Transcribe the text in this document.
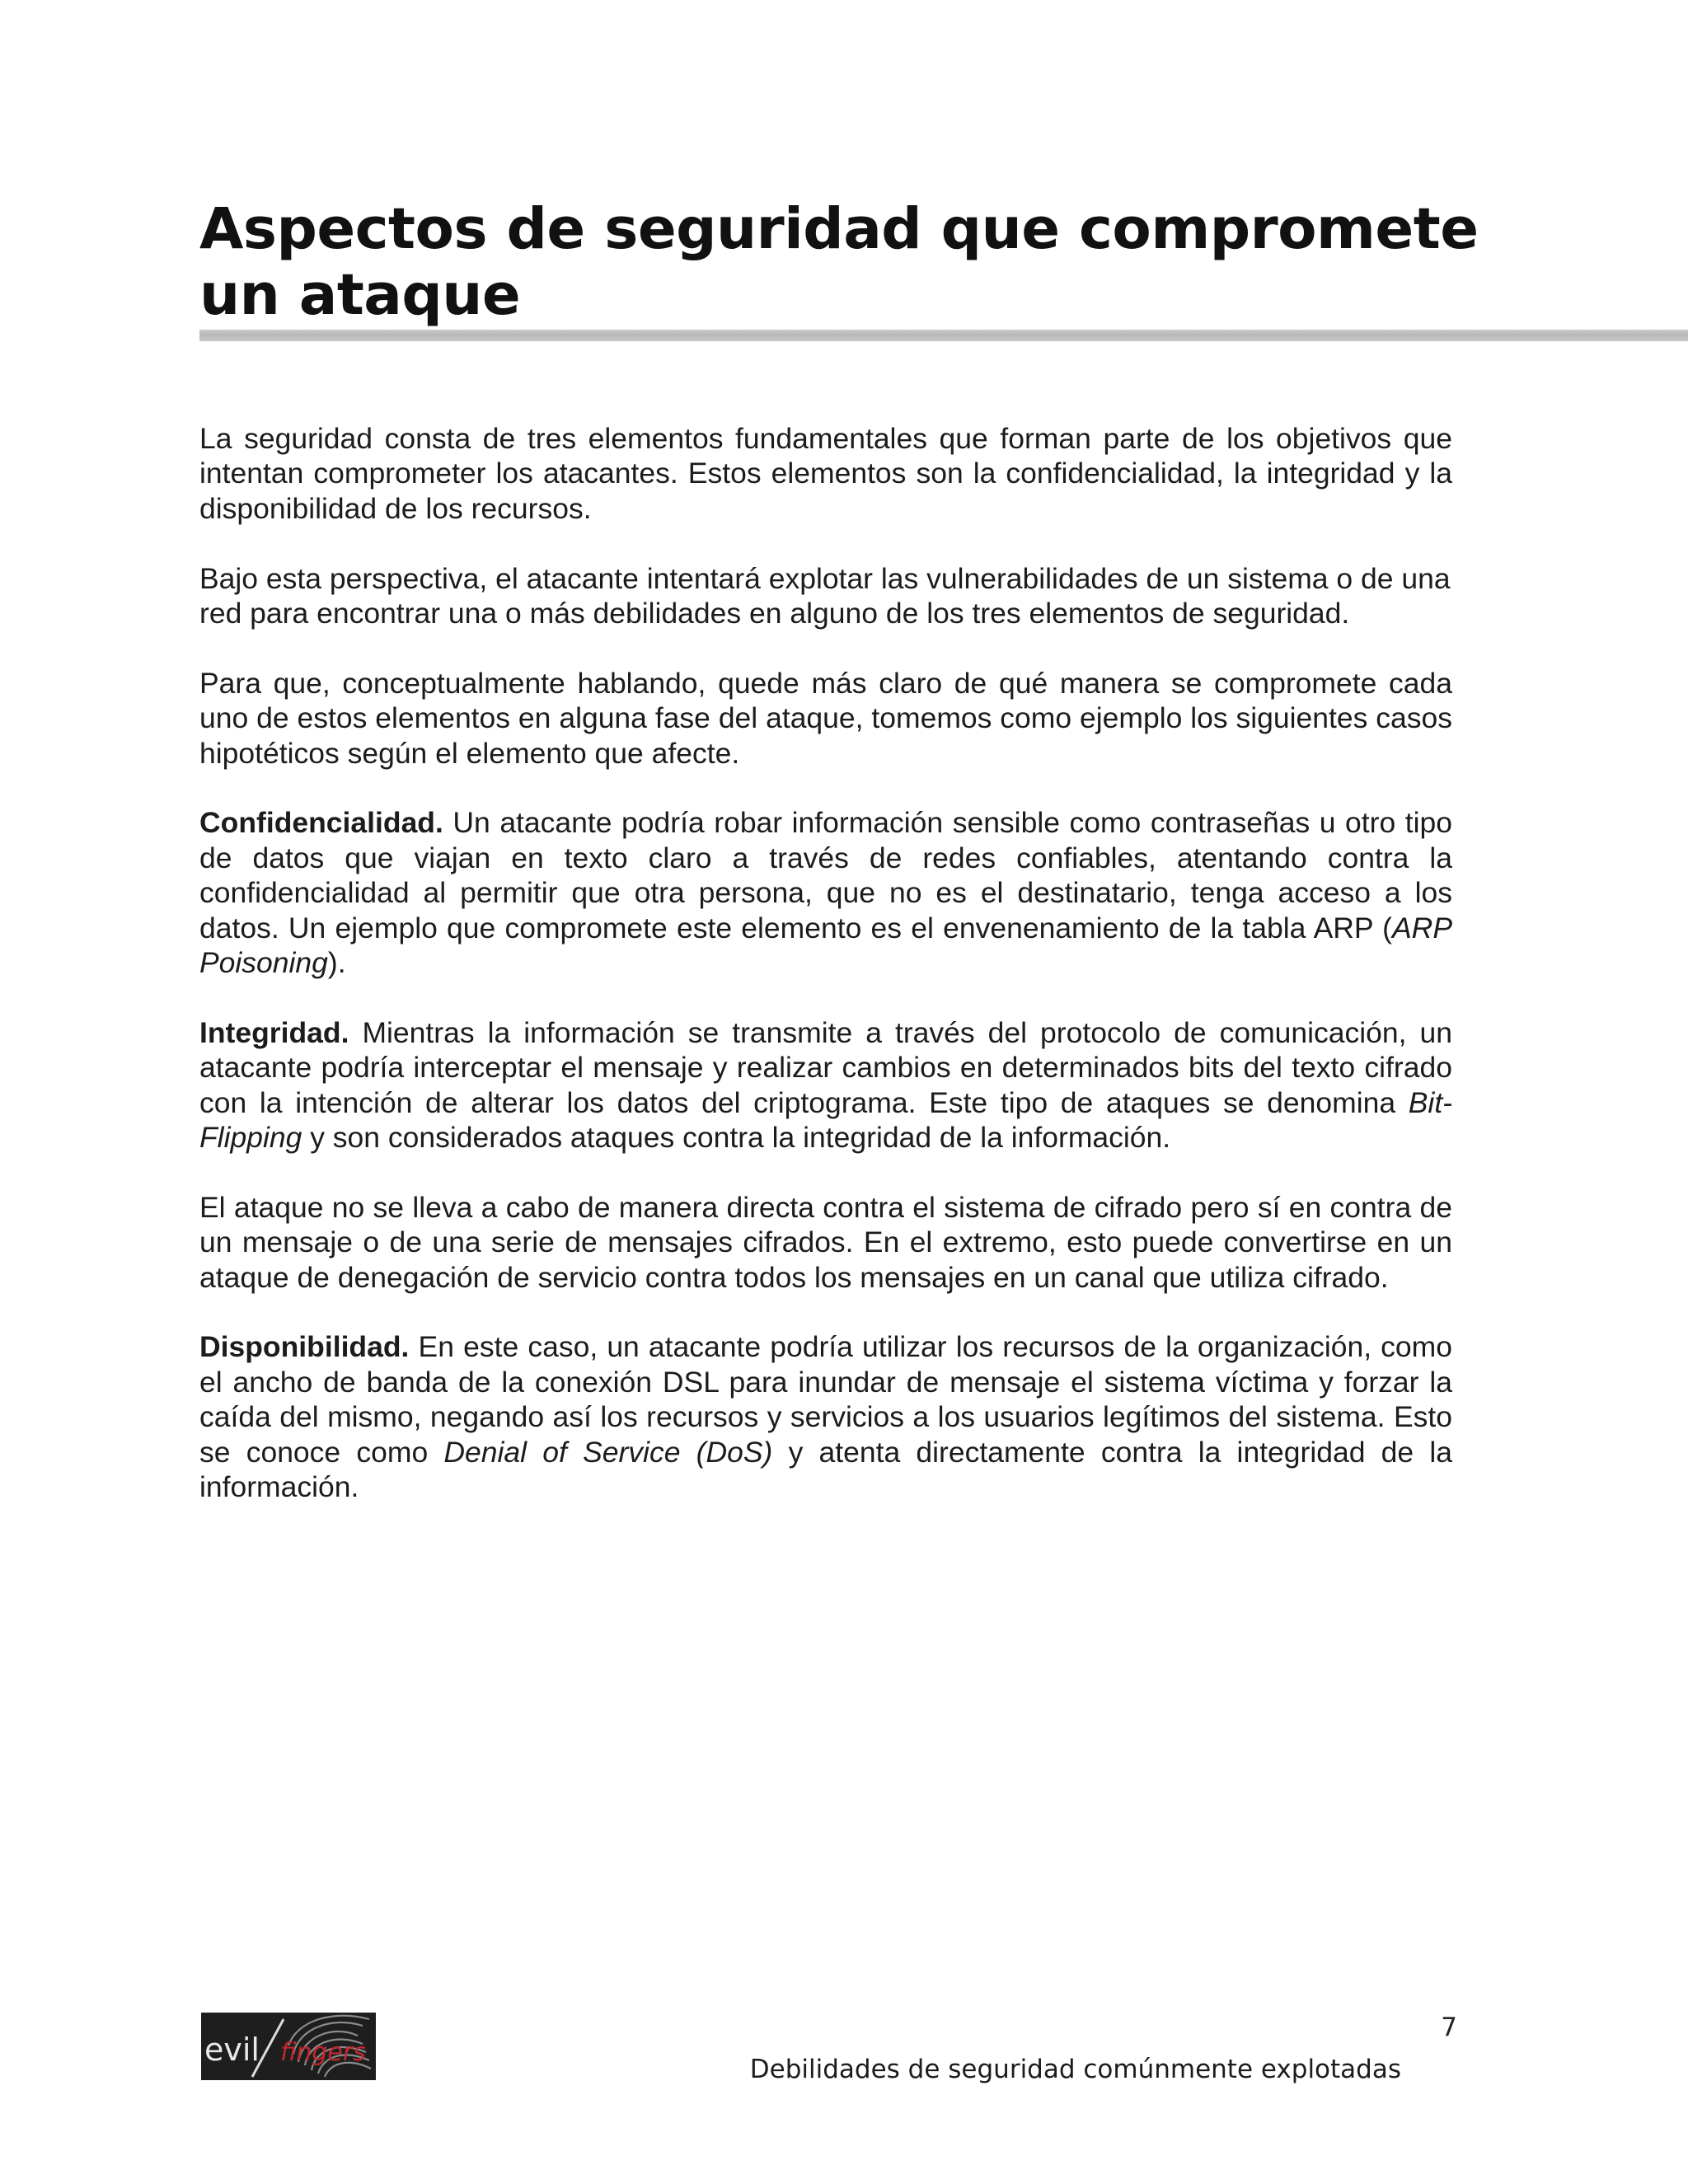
Aspectos de seguridad que compromete un ataque

La seguridad consta de tres elementos fundamentales que forman parte de los objetivos que intentan comprometer los atacantes. Estos elementos son la confidencialidad, la integridad y la disponibilidad de los recursos.

Bajo esta perspectiva, el atacante intentará explotar las vulnerabilidades de un sistema o de una red para encontrar una o más debilidades en alguno de los tres elementos de seguridad.

Para que, conceptualmente hablando, quede más claro de qué manera se compromete cada uno de estos elementos en alguna fase del ataque, tomemos como ejemplo los siguientes casos hipotéticos según el elemento que afecte.

Confidencialidad. Un atacante podría robar información sensible como contraseñas u otro tipo de datos que viajan en texto claro a través de redes confiables, atentando contra la confidencialidad al permitir que otra persona, que no es el destinatario, tenga acceso a los datos. Un ejemplo que compromete este elemento es el envenenamiento de la tabla ARP (ARP Poisoning).

Integridad. Mientras la información se transmite a través del protocolo de comunicación, un atacante podría interceptar el mensaje y realizar cambios en determinados bits del texto cifrado con la intención de alterar los datos del criptograma. Este tipo de ataques se denomina Bit-Flipping y son considerados ataques contra la integridad de la información.

El ataque no se lleva a cabo de manera directa contra el sistema de cifrado pero sí en contra de un mensaje o de una serie de mensajes cifrados. En el extremo, esto puede convertirse en un ataque de denegación de servicio contra todos los mensajes en un canal que utiliza cifrado.

Disponibilidad. En este caso, un atacante podría utilizar los recursos de la organización, como el ancho de banda de la conexión DSL para inundar de mensaje el sistema víctima y forzar la caída del mismo, negando así los recursos y servicios a los usuarios legítimos del sistema. Esto se conoce como Denial of Service (DoS) y atenta directamente contra la integridad de la información.

evil fingers
7
Debilidades de seguridad comúnmente explotadas
